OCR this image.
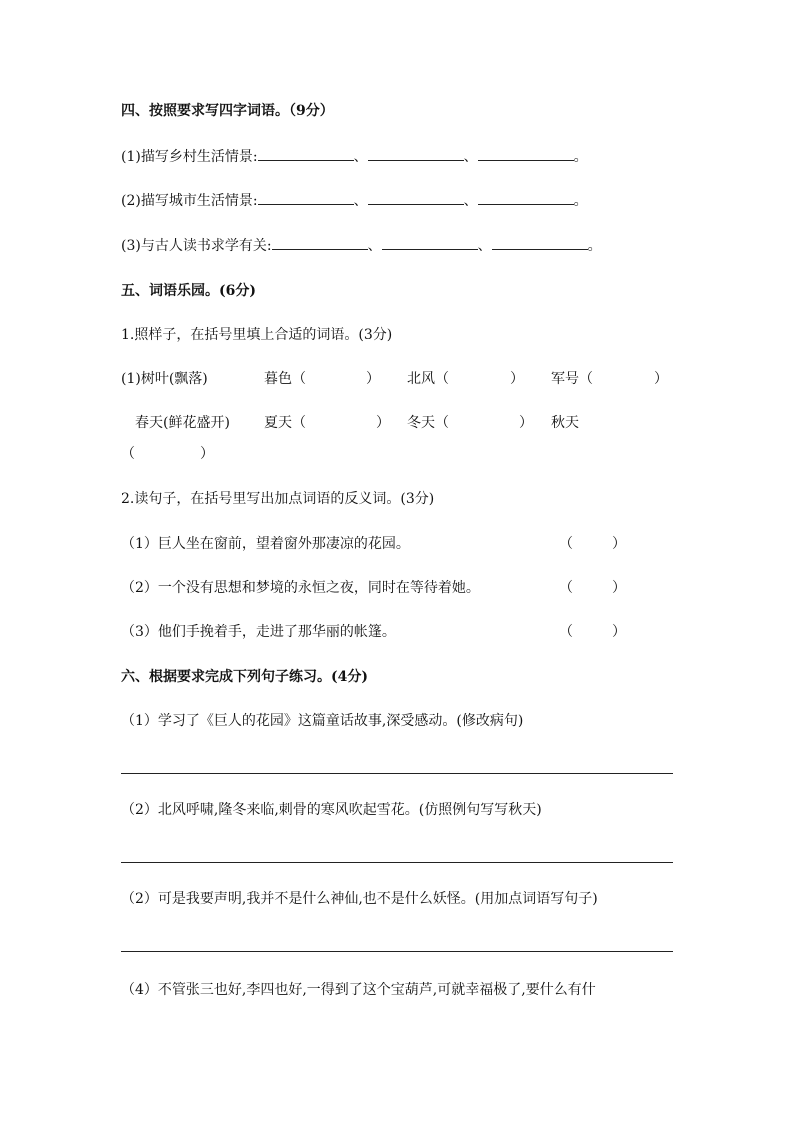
四、按照要求写四字词语。（9分）
(1)描写乡村生活情景:	、	、	。
(2)描写城市生活情景:	、	、	。
(3)与古人读书求学有关:	、	、	。
五、词语乐园。(6分)
1.照样子，在括号里填上合适的词语。(3分)
(1)树叶(飘落)	暮色（	） 北风（	） 军号（	）
春天(鲜花盛开) 夏天（	） 冬天（	） 秋天
（	）
2.读句子，在括号里写出加点词语的反义词。(3分)
（1）巨人坐在窗前，望着窗外那凄凉的花园。	（	）
（2）一个没有思想和梦境的永恒之夜，同时在等待着她。	（	）
（3）他们手挽着手，走进了那华丽的帐篷。	（	）
六、根据要求完成下列句子练习。(4分)
（1）学习了《巨人的花园》这篇童话故事,深受感动。(修改病句)
（2）北风呼啸,隆冬来临,刺骨的寒风吹起雪花。(仿照例句写写秋天)
（2）可是我要声明,我并不是什么神仙,也不是什么妖怪。(用加点词语写句子)
（4）不管张三也好,李四也好,一得到了这个宝葫芦,可就幸福极了,要什么有什
